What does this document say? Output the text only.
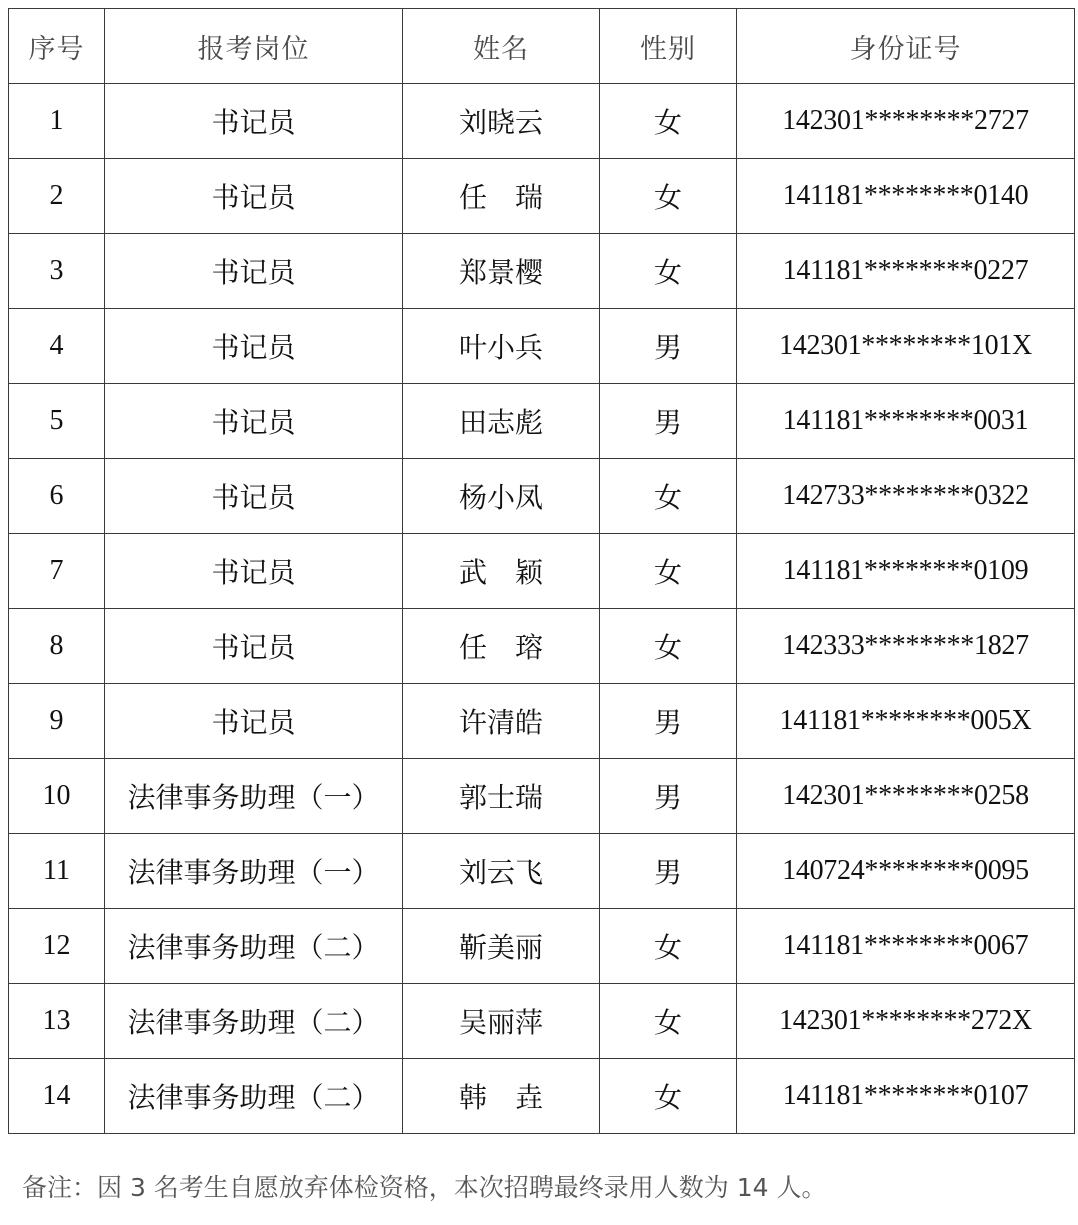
序号	报考岗位	姓名	性别	身份证号
1	书记员	刘晓云	女	142301********2727
2	书记员	任　瑞	女	141181********0140
3	书记员	郑景樱	女	141181********0227
4	书记员	叶小兵	男	142301********101X
5	书记员	田志彪	男	141181********0031
6	书记员	杨小凤	女	142733********0322
7	书记员	武　颖	女	141181********0109
8	书记员	任　瑢	女	142333********1827
9	书记员	许清皓	男	141181********005X
10	法律事务助理（一）	郭士瑞	男	142301********0258
11	法律事务助理（一）	刘云飞	男	140724********0095
12	法律事务助理（二）	靳美丽	女	141181********0067
13	法律事务助理（二）	吴丽萍	女	142301********272X
14	法律事务助理（二）	韩　垚	女	141181********0107
备注：因 3 名考生自愿放弃体检资格，本次招聘最终录用人数为 14 人。
